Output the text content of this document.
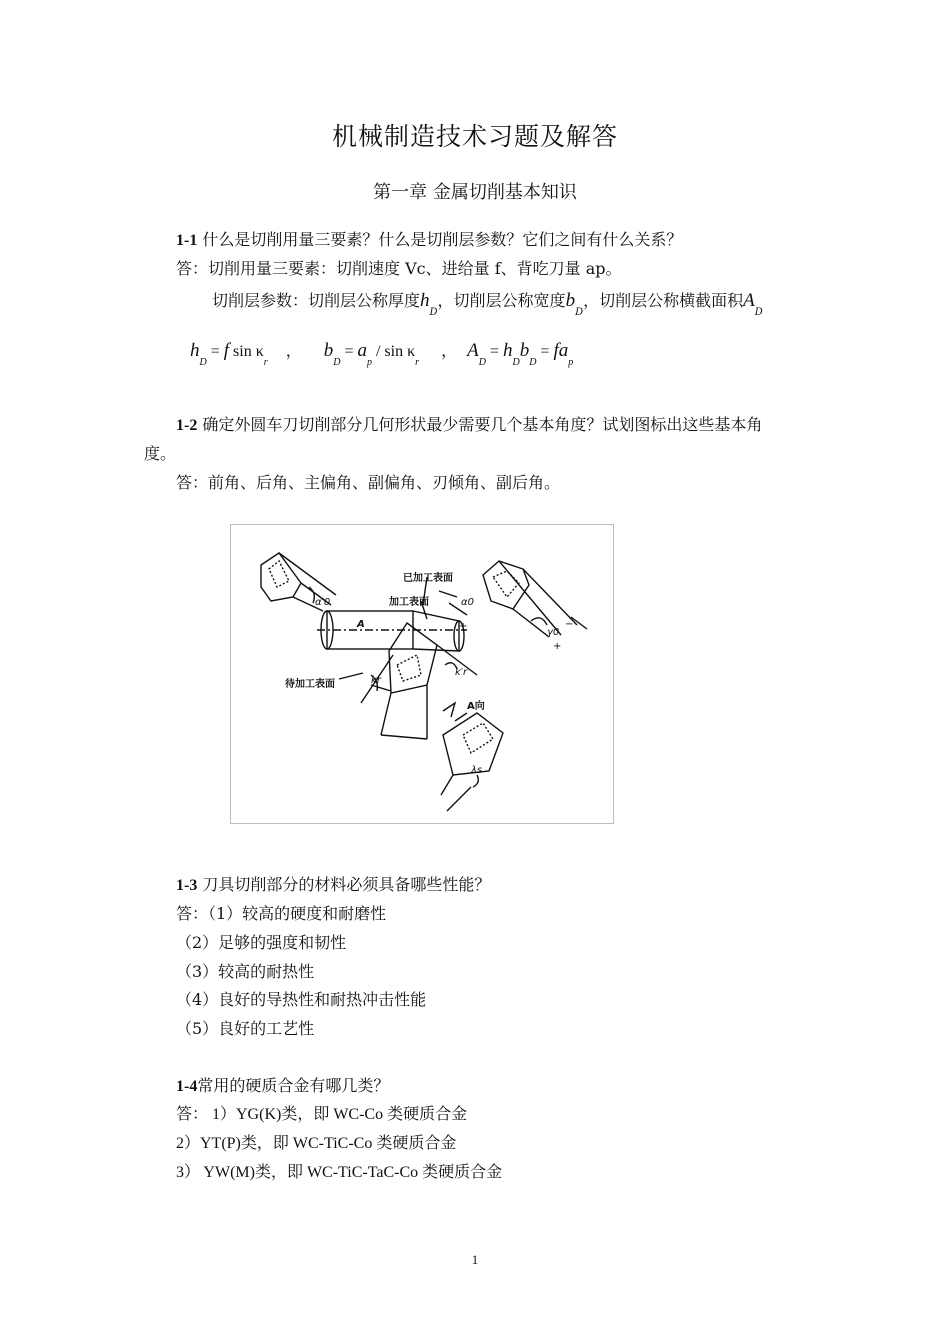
机械制造技术习题及解答
第一章 金属切削基本知识
1-1 什么是切削用量三要素？什么是切削层参数？它们之间有什么关系？
答：切削用量三要素：切削速度 Vc、进给量 f、背吃刀量 ap。
切削层参数：切削层公称厚度$h_D$，切削层公称宽度$b_D$，切削层公称横截面积$A_D$
$h_D = f$ $\sin \kappa_r$ ， $b_D = a_p / \sin \kappa_r$ ， $A_D = h_Db_D = fa_p$
1-2 确定外圆车刀切削部分几何形状最少需要几个基本角度？试划图标出这些基本角
度。
答：前角、后角、主偏角、副偏角、刃倾角、副后角。
已加工表面
加工表面
待加工表面
A向
A
α′0	α0
γ0
kr
k′r
λs
+	−
+
1-3 刀具切削部分的材料必须具备哪些性能？
答：（1）较高的硬度和耐磨性
（2）足够的强度和韧性
（3）较高的耐热性
（4）良好的导热性和耐热冲击性能
（5）良好的工艺性
1-4常用的硬质合金有哪几类？
答： 1）YG(K)类，即 WC-Co 类硬质合金
2）YT(P)类，即 WC-TiC-Co 类硬质合金
3） YW(M)类，即 WC-TiC-TaC-Co 类硬质合金
1
